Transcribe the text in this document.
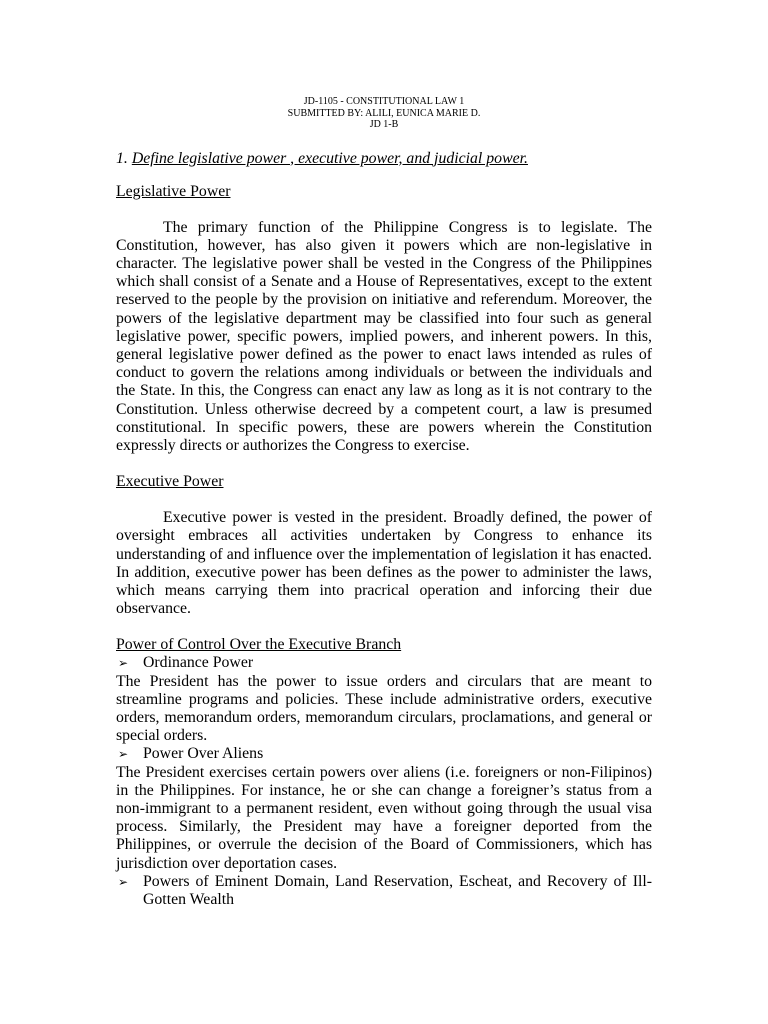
JD-1105 - CONSTITUTIONAL LAW 1
SUBMITTED BY: ALILI, EUNICA MARIE D.
JD 1-B
1. Define legislative power , executive power, and judicial power.
Legislative Power

The primary function of the Philippine Congress is to legislate. The Constitution, however, has also given it powers which are non-legislative in character. The legislative power shall be vested in the Congress of the Philippines which shall consist of a Senate and a House of Representatives, except to the extent reserved to the people by the provision on initiative and referendum. Moreover, the powers of the legislative department may be classified into four such as general legislative power, specific powers, implied powers, and inherent powers. In this, general legislative power defined as the power to enact laws intended as rules of conduct to govern the relations among individuals or between the individuals and the State. In this, the Congress can enact any law as long as it is not contrary to the Constitution. Unless otherwise decreed by a competent court, a law is presumed constitutional. In specific powers, these are powers wherein the Constitution expressly directs or authorizes the Congress to exercise.

Executive Power

Executive power is vested in the president. Broadly defined, the power of oversight embraces all activities undertaken by Congress to enhance its understanding of and influence over the implementation of legislation it has enacted. In addition, executive power has been defines as the power to administer the laws, which means carrying them into pracrical operation and inforcing their due observance.

Power of Control Over the Executive Branch
➢ Ordinance Power

The President has the power to issue orders and circulars that are meant to streamline programs and policies. These include administrative orders, executive orders, memorandum orders, memorandum circulars, proclamations, and general or special orders.

➢ Power Over Aliens

The President exercises certain powers over aliens (i.e. foreigners or non-Filipinos) in the Philippines. For instance, he or she can change a foreigner’s status from a non-immigrant to a permanent resident, even without going through the usual visa process. Similarly, the President may have a foreigner deported from the Philippines, or overrule the decision of the Board of Commissioners, which has jurisdiction over deportation cases.

➢ Powers of Eminent Domain, Land Reservation, Escheat, and Recovery of Ill-Gotten Wealth
